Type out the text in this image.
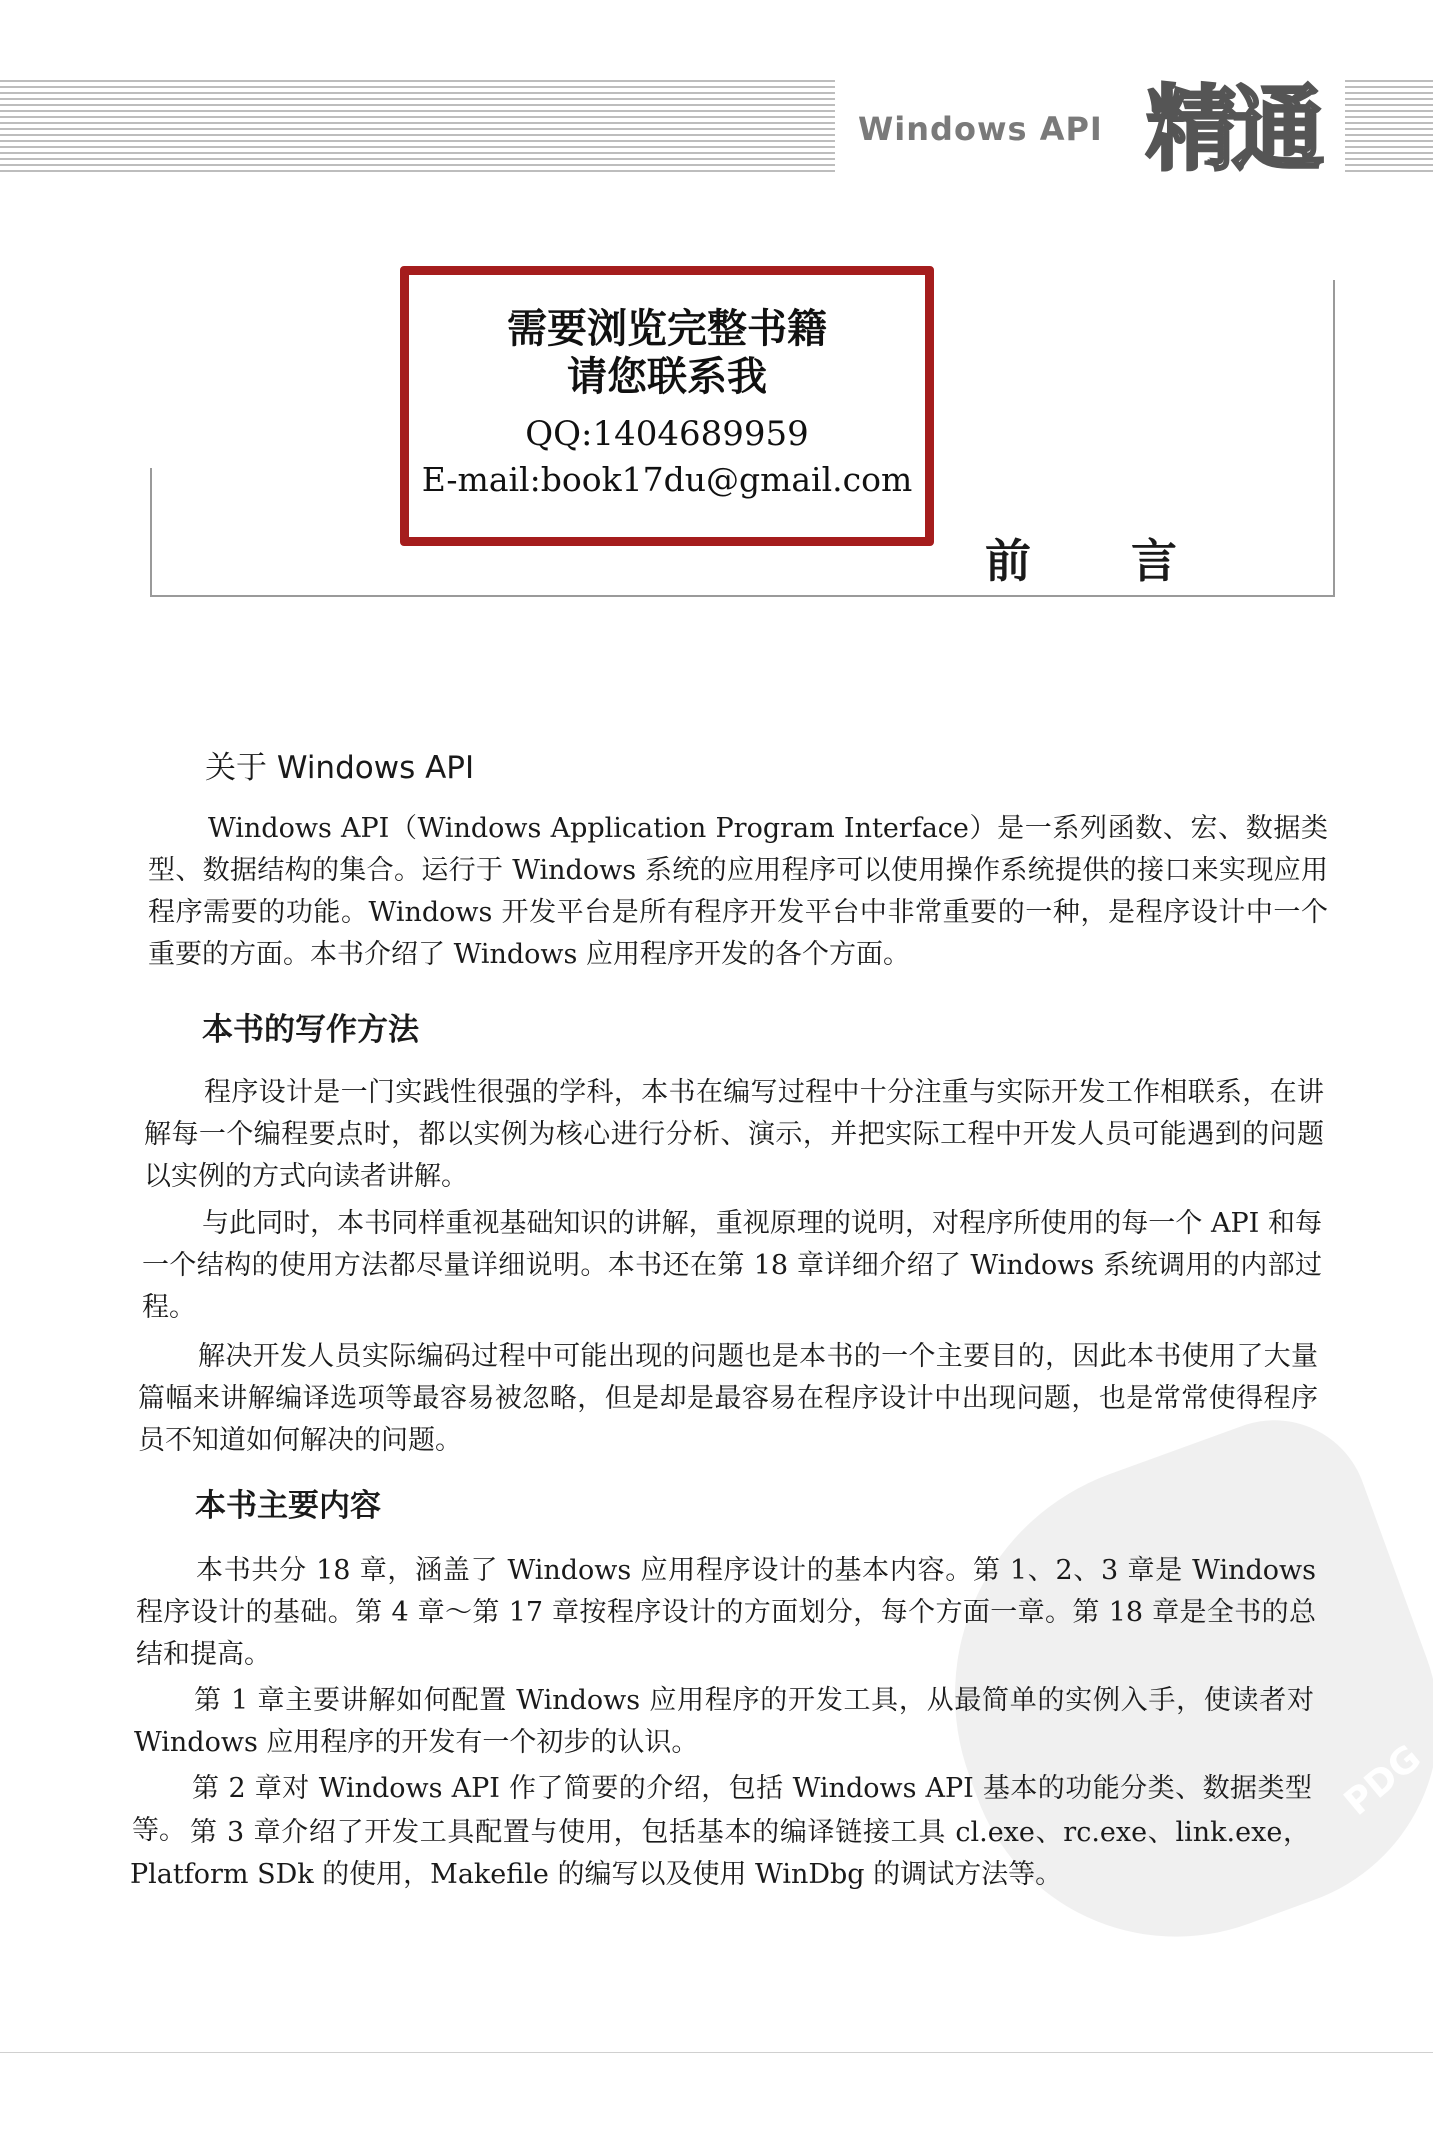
Windows API 精通
前言
需要浏览完整书籍
请您联系我
QQ:1404689959
E-mail:book17du@gmail.com
PDG
关于 Windows API

Windows API（Windows Application Program Interface）是一系列函数、宏、数据类型、数据结构的集合。运行于 Windows 系统的应用程序可以使用操作系统提供的接口来实现应用程序需要的功能。Windows 开发平台是所有程序开发平台中非常重要的一种，是程序设计中一个重要的方面。本书介绍了 Windows 应用程序开发的各个方面。

本书的写作方法

程序设计是一门实践性很强的学科，本书在编写过程中十分注重与实际开发工作相联系，在讲解每一个编程要点时，都以实例为核心进行分析、演示，并把实际工程中开发人员可能遇到的问题以实例的方式向读者讲解。

与此同时，本书同样重视基础知识的讲解，重视原理的说明，对程序所使用的每一个 API 和每一个结构的使用方法都尽量详细说明。本书还在第 18 章详细介绍了 Windows 系统调用的内部过程。

解决开发人员实际编码过程中可能出现的问题也是本书的一个主要目的，因此本书使用了大量篇幅来讲解编译选项等最容易被忽略，但是却是最容易在程序设计中出现问题，也是常常使得程序员不知道如何解决的问题。

本书主要内容

本书共分 18 章，涵盖了 Windows 应用程序设计的基本内容。第 1、2、3 章是 Windows 程序设计的基础。第 4 章～第 17 章按程序设计的方面划分，每个方面一章。第 18 章是全书的总结和提高。

第 1 章主要讲解如何配置 Windows 应用程序的开发工具，从最简单的实例入手，使读者对 Windows 应用程序的开发有一个初步的认识。

第 2 章对 Windows API 作了简要的介绍，包括 Windows API 基本的功能分类、数据类型等。 第 3 章介绍了开发工具配置与使用，包括基本的编译链接工具 cl.exe、rc.exe、link.exe，Platform SDk 的使用，Makefile 的编写以及使用 WinDbg 的调试方法等。
